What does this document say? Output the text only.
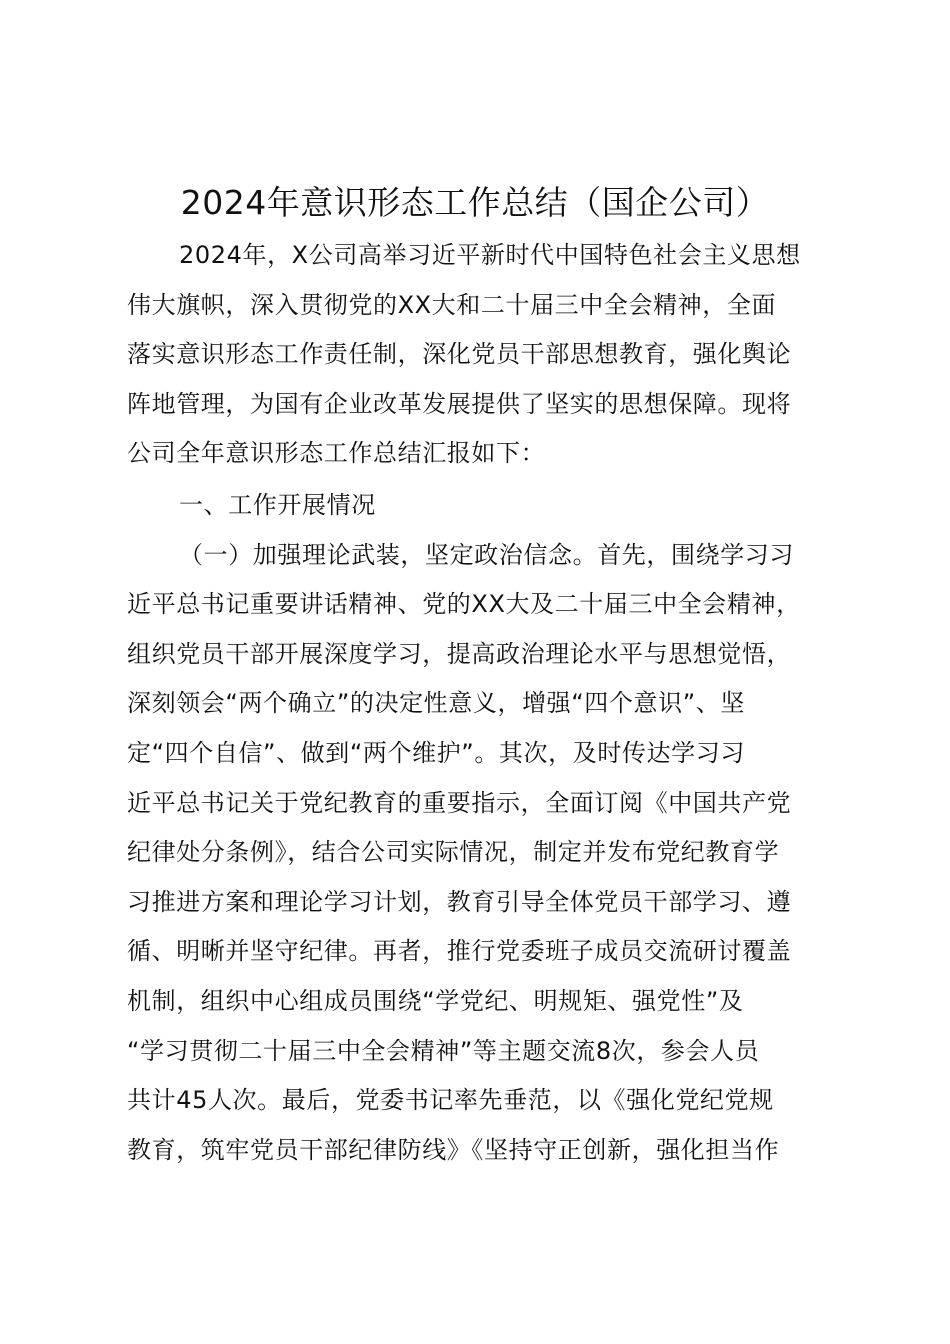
2024年意识形态工作总结（国企公司）
2024年，X公司高举习近平新时代中国特色社会主义思想
伟大旗帜，深入贯彻党的XX大和二十届三中全会精神，全面
落实意识形态工作责任制，深化党员干部思想教育，强化舆论
阵地管理，为国有企业改革发展提供了坚实的思想保障。现将
公司全年意识形态工作总结汇报如下：
一、工作开展情况
（一）加强理论武装，坚定政治信念。首先，围绕学习习
近平总书记重要讲话精神、党的XX大及二十届三中全会精神，
组织党员干部开展深度学习，提高政治理论水平与思想觉悟，
深刻领会“两个确立”的决定性意义，增强“四个意识”、坚
定“四个自信”、做到“两个维护”。其次，及时传达学习习
近平总书记关于党纪教育的重要指示，全面订阅《中国共产党
纪律处分条例》，结合公司实际情况，制定并发布党纪教育学
习推进方案和理论学习计划，教育引导全体党员干部学习、遵
循、明晰并坚守纪律。再者，推行党委班子成员交流研讨覆盖
机制，组织中心组成员围绕“学党纪、明规矩、强党性”及
“学习贯彻二十届三中全会精神”等主题交流8次，参会人员
共计45人次。最后，党委书记率先垂范，以《强化党纪党规
教育，筑牢党员干部纪律防线》《坚持守正创新，强化担当作
